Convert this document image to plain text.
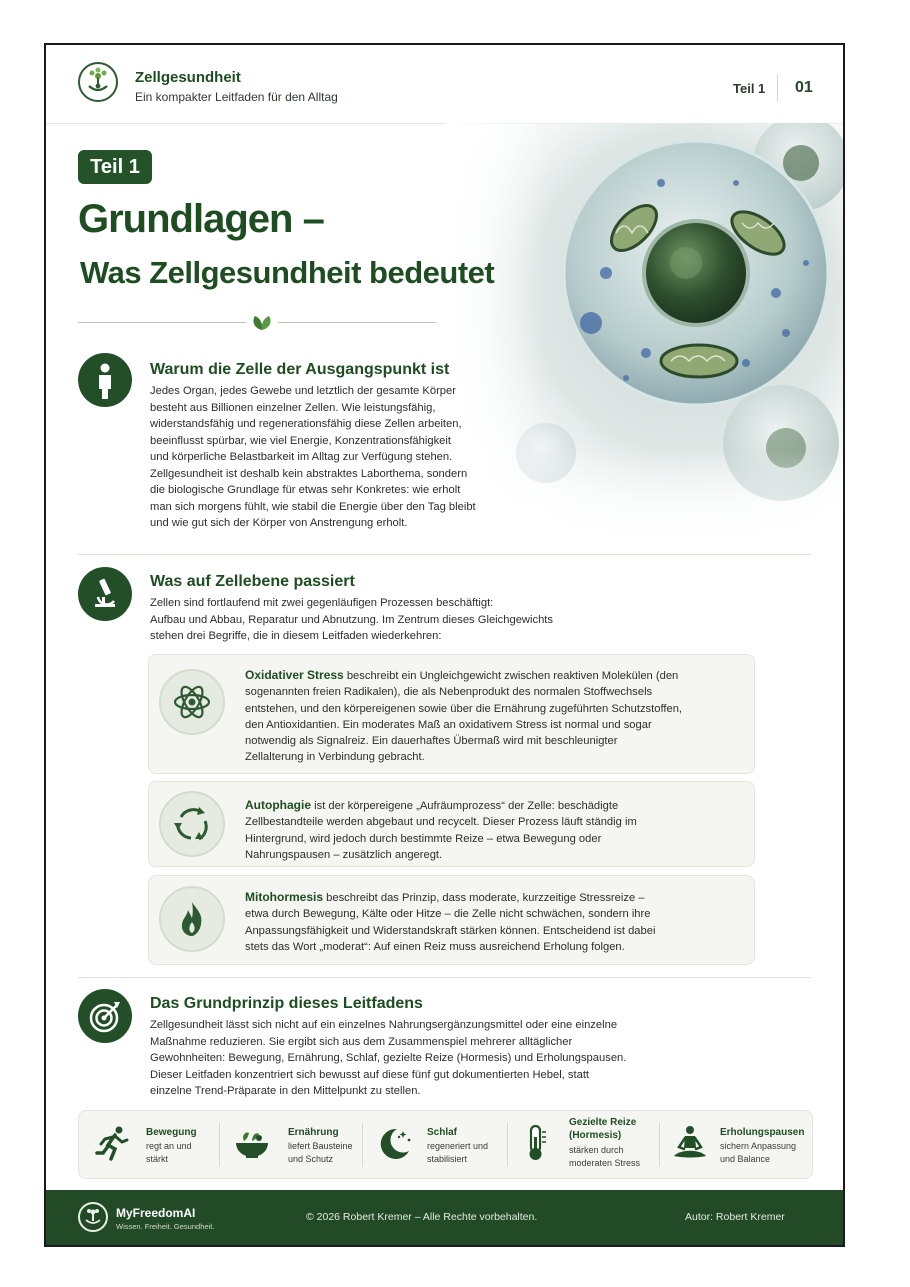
Zellgesundheit
Ein kompakter Leitfaden für den Alltag
Teil 1 01
Teil 1
Grundlagen –
Was Zellgesundheit bedeutet
Warum die Zelle der Ausgangspunkt ist
Jedes Organ, jedes Gewebe und letztlich der gesamte Körper
besteht aus Billionen einzelner Zellen. Wie leistungsfähig,
widerstandsfähig und regenerationsfähig diese Zellen arbeiten,
beeinflusst spürbar, wie viel Energie, Konzentrationsfähigkeit
und körperliche Belastbarkeit im Alltag zur Verfügung stehen.
Zellgesundheit ist deshalb kein abstraktes Laborthema, sondern
die biologische Grundlage für etwas sehr Konkretes: wie erholt
man sich morgens fühlt, wie stabil die Energie über den Tag bleibt
und wie gut sich der Körper von Anstrengung erholt.
Was auf Zellebene passiert
Zellen sind fortlaufend mit zwei gegenläufigen Prozessen beschäftigt:
Aufbau und Abbau, Reparatur und Abnutzung. Im Zentrum dieses Gleichgewichts
stehen drei Begriffe, die in diesem Leitfaden wiederkehren:
Oxidativer Stress beschreibt ein Ungleichgewicht zwischen reaktiven Molekülen (den
sogenannten freien Radikalen), die als Nebenprodukt des normalen Stoffwechsels
entstehen, und den körpereigenen sowie über die Ernährung zugeführten Schutzstoffen,
den Antioxidantien. Ein moderates Maß an oxidativem Stress ist normal und sogar
notwendig als Signalreiz. Ein dauerhaftes Übermaß wird mit beschleunigter
Zellalterung in Verbindung gebracht.
Autophagie ist der körpereigene „Aufräumprozess“ der Zelle: beschädigte
Zellbestandteile werden abgebaut und recycelt. Dieser Prozess läuft ständig im
Hintergrund, wird jedoch durch bestimmte Reize – etwa Bewegung oder
Nahrungspausen – zusätzlich angeregt.
Mitohormesis beschreibt das Prinzip, dass moderate, kurzzeitige Stressreize –
etwa durch Bewegung, Kälte oder Hitze – die Zelle nicht schwächen, sondern ihre
Anpassungsfähigkeit und Widerstandskraft stärken können. Entscheidend ist dabei
stets das Wort „moderat“: Auf einen Reiz muss ausreichend Erholung folgen.
Das Grundprinzip dieses Leitfadens
Zellgesundheit lässt sich nicht auf ein einzelnes Nahrungsergänzungsmittel oder eine einzelne
Maßnahme reduzieren. Sie ergibt sich aus dem Zusammenspiel mehrerer alltäglicher
Gewohnheiten: Bewegung, Ernährung, Schlaf, gezielte Reize (Hormesis) und Erholungspausen.
Dieser Leitfaden konzentriert sich bewusst auf diese fünf gut dokumentierten Hebel, statt
einzelne Trend-Präparate in den Mittelpunkt zu stellen.
Bewegung
regt an und
stärkt
Ernährung
liefert Bausteine
und Schutz
Schlaf
regeneriert und
stabilisiert
Gezielte Reize
(Hormesis)
stärken durch
moderaten Stress
Erholungspausen
sichern Anpassung
und Balance
MyFreedomAI
Wissen. Freiheit. Gesundheit.
© 2026 Robert Kremer – Alle Rechte vorbehalten.	Autor: Robert Kremer
